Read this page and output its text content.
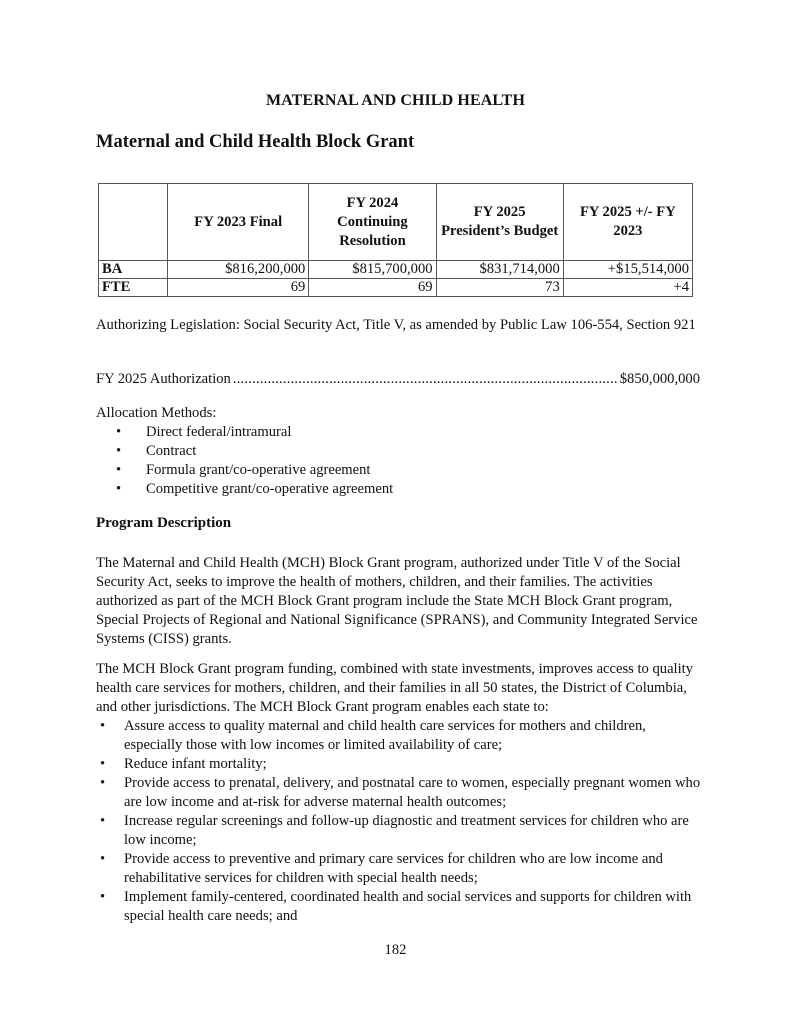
MATERNAL AND CHILD HEALTH
Maternal and Child Health Block Grant
	FY 2023 Final	FY 2024 Continuing Resolution	FY 2025 President’s Budget	FY 2025 +/- FY 2023
BA	$816,200,000	$815,700,000	$831,714,000	+$15,514,000
FTE	69	69	73	+4
Authorizing Legislation: Social Security Act, Title V, as amended by Public Law 106-554, Section 921
FY 2025 Authorization .....	$850,000,000
Allocation Methods:
• Direct federal/intramural
• Contract
• Formula grant/co-operative agreement
• Competitive grant/co-operative agreement
Program Description
The Maternal and Child Health (MCH) Block Grant program, authorized under Title V of the Social Security Act, seeks to improve the health of mothers, children, and their families. The activities authorized as part of the MCH Block Grant program include the State MCH Block Grant program, Special Projects of Regional and National Significance (SPRANS), and Community Integrated Service Systems (CISS) grants.
The MCH Block Grant program funding, combined with state investments, improves access to quality health care services for mothers, children, and their families in all 50 states, the District of Columbia, and other jurisdictions. The MCH Block Grant program enables each state to:
• Assure access to quality maternal and child health care services for mothers and children, especially those with low incomes or limited availability of care;
• Reduce infant mortality;
• Provide access to prenatal, delivery, and postnatal care to women, especially pregnant women who are low income and at-risk for adverse maternal health outcomes;
• Increase regular screenings and follow-up diagnostic and treatment services for children who are low income;
• Provide access to preventive and primary care services for children who are low income and rehabilitative services for children with special health needs;
• Implement family-centered, coordinated health and social services and supports for children with special health care needs; and
182
